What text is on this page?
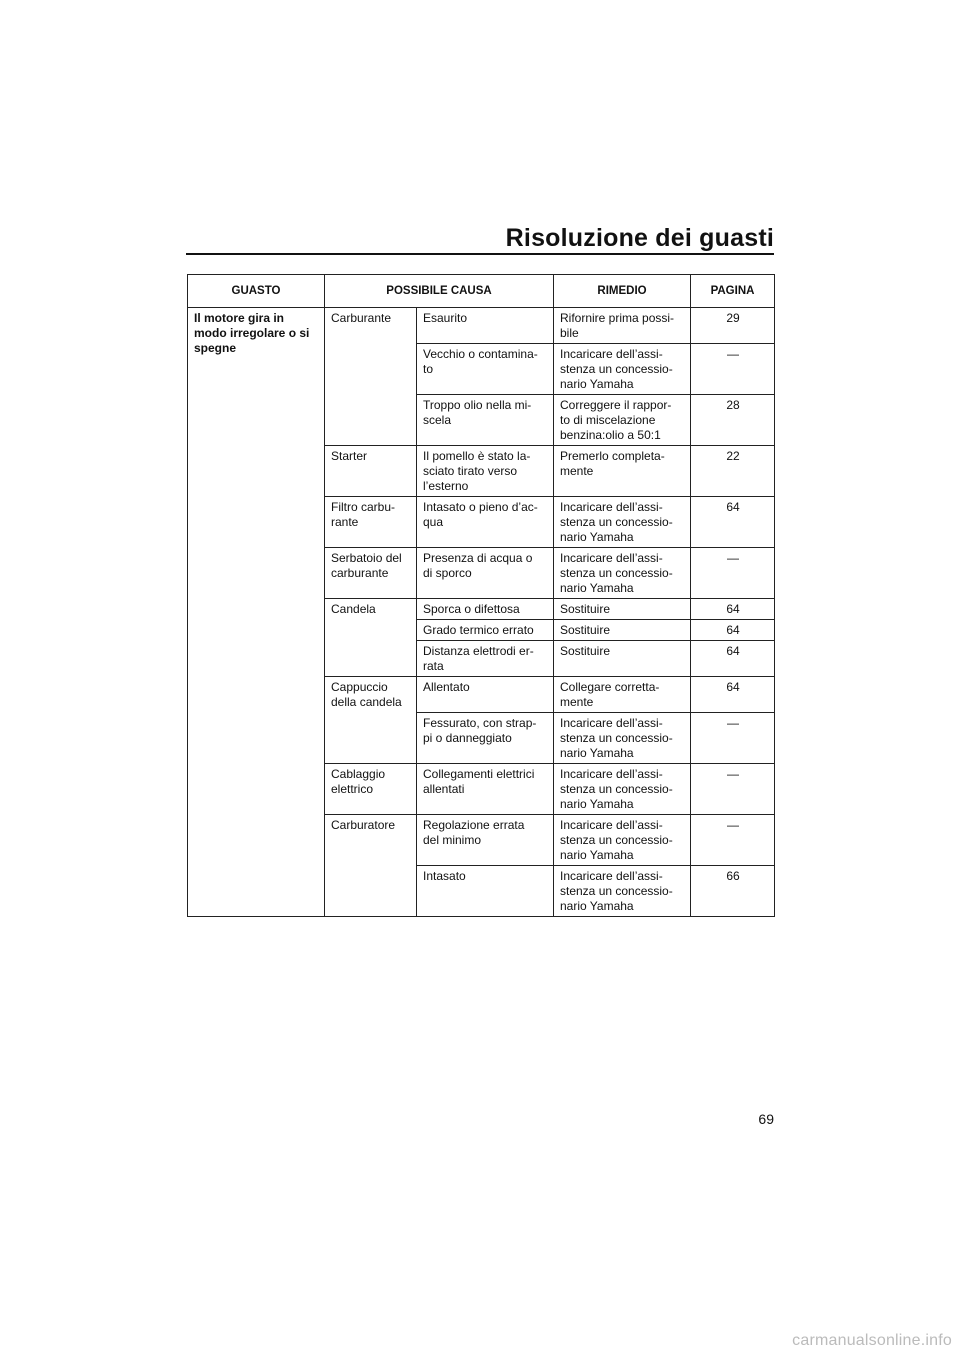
Risoluzione dei guasti
GUASTO	POSSIBILE CAUSA		RIMEDIO	PAGINA
Il motore gira in modo irregolare o si spegne	Carburante	Esaurito	Rifornire prima possi-
bile	29
		Vecchio o contamina-
to	Incaricare dell’assi-
stenza un concessio-
nario Yamaha	—
		Troppo olio nella mi-
scela	Correggere il rappor-
to di miscelazione
benzina:olio a 50:1	28
	Starter	Il pomello è stato la-
sciato tirato verso
l’esterno	Premerlo completa-
mente	22
	Filtro carbu-
rante	Intasato o pieno d’ac-
qua	Incaricare dell’assi-
stenza un concessio-
nario Yamaha	64
	Serbatoio del
carburante	Presenza di acqua o
di sporco	Incaricare dell’assi-
stenza un concessio-
nario Yamaha	—
	Candela	Sporca o difettosa	Sostituire	64
		Grado termico errato	Sostituire	64
		Distanza elettrodi er-
rata	Sostituire	64
	Cappuccio
della candela	Allentato	Collegare corretta-
mente	64
		Fessurato, con strap-
pi o danneggiato	Incaricare dell’assi-
stenza un concessio-
nario Yamaha	—
	Cablaggio
elettrico	Collegamenti elettrici
allentati	Incaricare dell’assi-
stenza un concessio-
nario Yamaha	—
	Carburatore	Regolazione errata
del minimo	Incaricare dell’assi-
stenza un concessio-
nario Yamaha	—
		Intasato	Incaricare dell’assi-
stenza un concessio-
nario Yamaha	66
69
carmanualsonline.info
